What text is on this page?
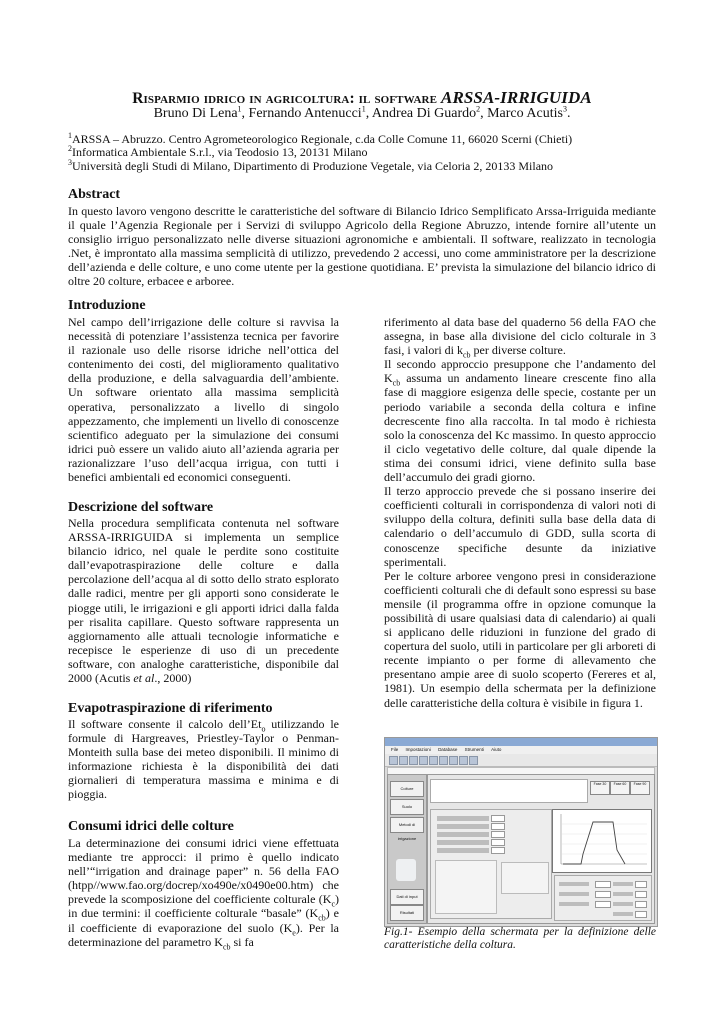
Risparmio idrico in agricoltura: il software ARSSA-IRRIGUIDA
Bruno Di Lena$^1$, Fernando Antenucci$^1$, Andrea Di Guardo$^2$, Marco Acutis$^3$.
$^1$ARSSA – Abruzzo. Centro Agrometeorologico Regionale, c.da Colle Comune 11, 66020 Scerni (Chieti)
$^2$Informatica Ambientale S.r.l., via Teodosio 13, 20131 Milano
$^3$Università degli Studi di Milano, Dipartimento di Produzione Vegetale, via Celoria 2, 20133 Milano
Abstract

In questo lavoro vengono descritte le caratteristiche del software di Bilancio Idrico Semplificato Arssa-Irriguida mediante il quale l’Agenzia Regionale per i Servizi di sviluppo Agricolo della Regione Abruzzo, intende fornire all’utente un consiglio irriguo personalizzato nelle diverse situazioni agronomiche e ambientali. Il software, realizzato in tecnologia .Net, è improntato alla massima semplicità di utilizzo, prevedendo 2 accessi, uno come amministratore per la descrizione dell’azienda e delle colture, e uno come utente per la gestione quotidiana. E’ prevista la simulazione del bilancio idrico di oltre 20 colture, erbacee e arboree.

Introduzione

Nel campo dell’irrigazione delle colture si ravvisa la necessità di potenziare l’assistenza tecnica per favorire il razionale uso delle risorse idriche nell’ottica del contenimento dei costi, del miglioramento qualitativo della produzione, e della salvaguardia dell’ambiente. Un software orientato alla massima semplicità operativa, personalizzato a livello di singolo appezzamento, che implementi un livello di conoscenze scientifico adeguato per la simulazione dei consumi idrici può essere un valido aiuto all’azienda agraria per razionalizzare l’uso dell’acqua irrigua, con tutti i benefici ambientali ed economici conseguenti.

Descrizione del software

Nella procedura semplificata contenuta nel software ARSSA-IRRIGUIDA si implementa un semplice bilancio idrico, nel quale le perdite sono costituite dall’evapotraspirazione delle colture e dalla percolazione dell’acqua al di sotto dello strato esplorato dalle radici, mentre per gli apporti sono considerate le piogge utili, le irrigazioni e gli apporti idrici dalla falda per risalita capillare. Questo software rappresenta un aggiornamento alle attuali tecnologie informatiche e recepisce le esperienze di uso di un precedente software, con analoghe caratteristiche, disponibile dal 2000 (Acutis et al., 2000)

Evapotraspirazione di riferimento

Il software consente il calcolo $dell’Et_o$ utilizzando le formule di Hargreaves, Priestley-Taylor o Penman-Monteith sulla base dei meteo disponibili. Il minimo di informazione richiesta è la disponibilità dei dati giornalieri di temperatura massima e minima e di pioggia.

Consumi idrici delle colture

La determinazione dei consumi idrici viene effettuata mediante tre approcci: il primo è quello indicato nell’“irrigation and drainage paper” n. 56 della FAO (htpp//www.fao.org/docrep/xo490e/x0490e00.htm) che prevede la scomposizione del coefficiente colturale $(K_c)$ in due termini: il coefficiente colturale “basale” $(K_{cb})$ e il coefficiente di evaporazione del suolo $(K_e)$. Per la determinazione del parametro $K_{cb}$ si fa

riferimento al data base del quaderno 56 della FAO che assegna, in base alla divisione del ciclo colturale in 3 fasi, i valori di $k_{cb}$ per diverse colture.
Il secondo approccio presuppone che l’andamento del $K_{cb}$ assuma un andamento lineare crescente fino alla fase di maggiore esigenza delle specie, costante per un periodo variabile a seconda della coltura e infine decrescente fino alla raccolta. In tal modo è richiesta solo la conoscenza del Kc massimo. In questo approccio il ciclo vegetativo delle colture, dal quale dipende la stima dei consumi idrici, viene definito sulla base dell’accumulo dei gradi giorno.
Il terzo approccio prevede che si possano inserire dei coefficienti colturali in corrispondenza di valori noti di sviluppo della coltura, definiti sulla base della data di calendario o dell’accumulo di GDD, sulla scorta di conoscenze specifiche desunte da iniziative sperimentali.
Per le colture arboree vengono presi in considerazione coefficienti colturali che di default sono espressi su base mensile (il programma offre in opzione comunque la possibilità di usare qualsiasi data di calendario) ai quali si applicano delle riduzioni in funzione del grado di copertura del suolo, utili in particolare per gli arboreti di recente impianto o per forme di allevamento che presentano ampie aree di suolo scoperto (Fereres et al, 1981). Un esempio della schermata per la definizione delle caratteristiche della coltura è visibile in figura 1.
File Impostazioni Database Strumenti Aiuto
Colture
Suolo
Metodi di irrigazione
Dati di input
Risultati
Fase 30	Fase 60	Fase 90
Fig.1- Esempio della schermata per la definizione delle caratteristiche della coltura.
